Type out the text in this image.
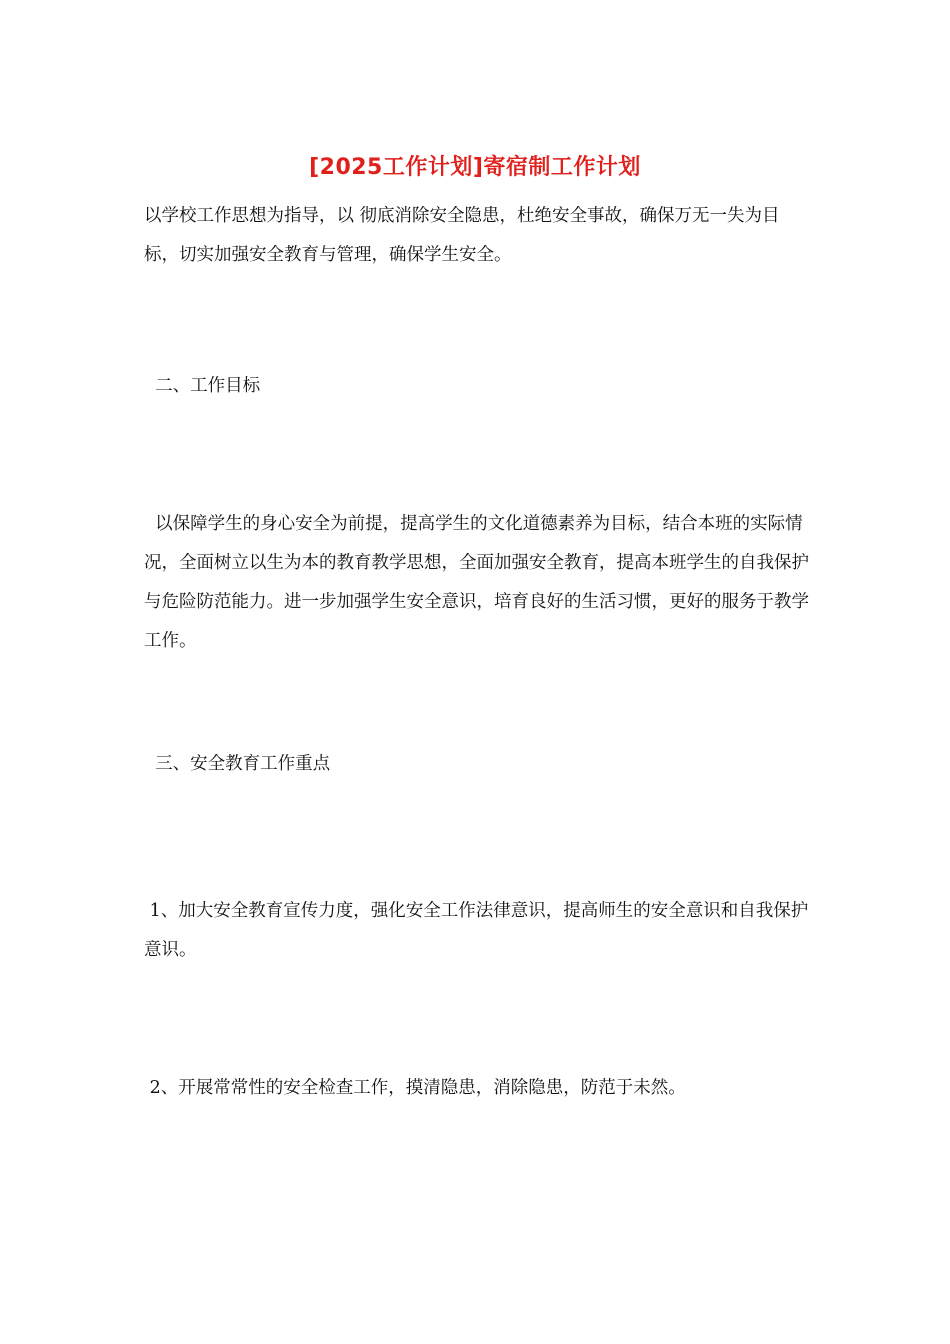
[2025工作计划]寄宿制工作计划

以学校工作思想为指导，以 彻底消除安全隐患，杜绝安全事故，确保万无一失为目标，切实加强安全教育与管理，确保学生安全。

二、工作目标

以保障学生的身心安全为前提，提高学生的文化道德素养为目标，结合本班的实际情况，全面树立以生为本的教育教学思想，全面加强安全教育，提高本班学生的自我保护与危险防范能力。进一步加强学生安全意识，培育良好的生活习惯，更好的服务于教学工作。

三、安全教育工作重点

1、加大安全教育宣传力度，强化安全工作法律意识，提高师生的安全意识和自我保护意识。

2、开展常常性的安全检查工作，摸清隐患，消除隐患，防范于未然。
